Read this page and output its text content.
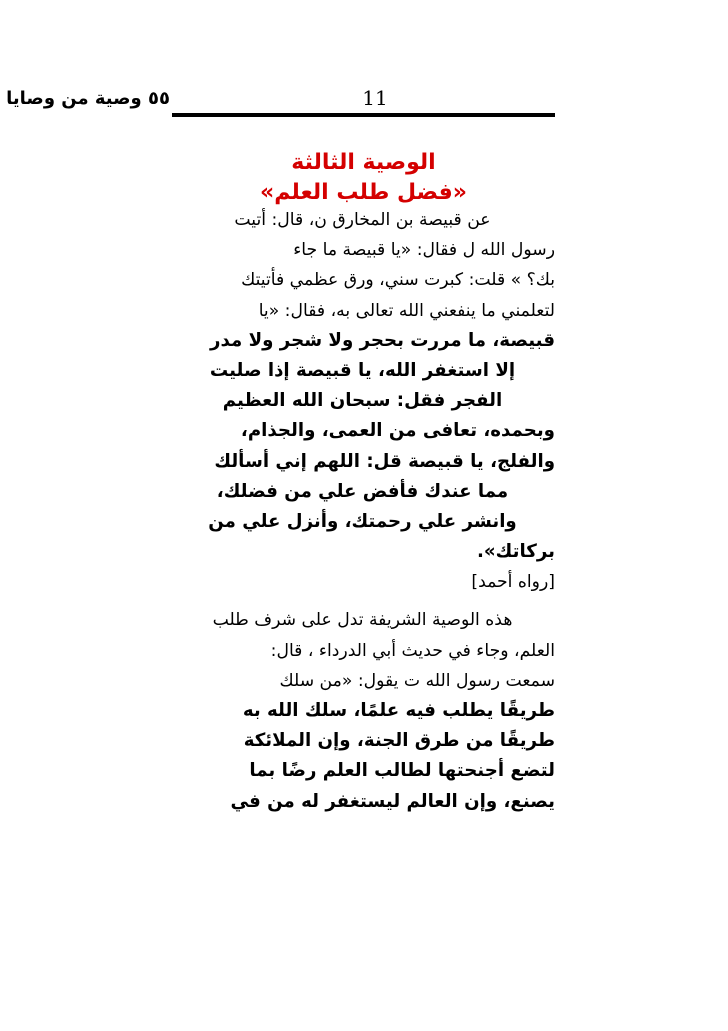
٥٥ وصية من وصايا	11
الوصية الثالثة
«فضل طلب العلم»
عن قبيصة بن المخارق ن، قال: أتيت
رسول الله ل فقال: «يا قبيصة ما جاء
بك؟ » قلت: كبرت سني، ورق عظمي فأتيتك
لتعلمني ما ينفعني الله تعالى به، فقال: «يا
قبيصة، ما مررت بحجر ولا شجر ولا مدر
إلا استغفر الله، يا قبيصة إذا صليت
الفجر فقل: سبحان الله العظيم
وبحمده، تعافى من العمى، والجذام،
والفلج، يا قبيصة قل: اللهم إني أسألك
مما عندك فأفض علي من فضلك،
وانشر علي رحمتك، وأنزل علي من
بركاتك».
[رواه أحمد]
هذه الوصية الشريفة تدل على شرف طلب
العلم، وجاء في حديث أبي الدرداء ، قال:
سمعت رسول الله ت يقول: «من سلك
طريقًا يطلب فيه علمًا، سلك الله به
طريقًا من طرق الجنة، وإن الملائكة
لتضع أجنحتها لطالب العلم رضًا بما
يصنع، وإن العالم ليستغفر له من في
